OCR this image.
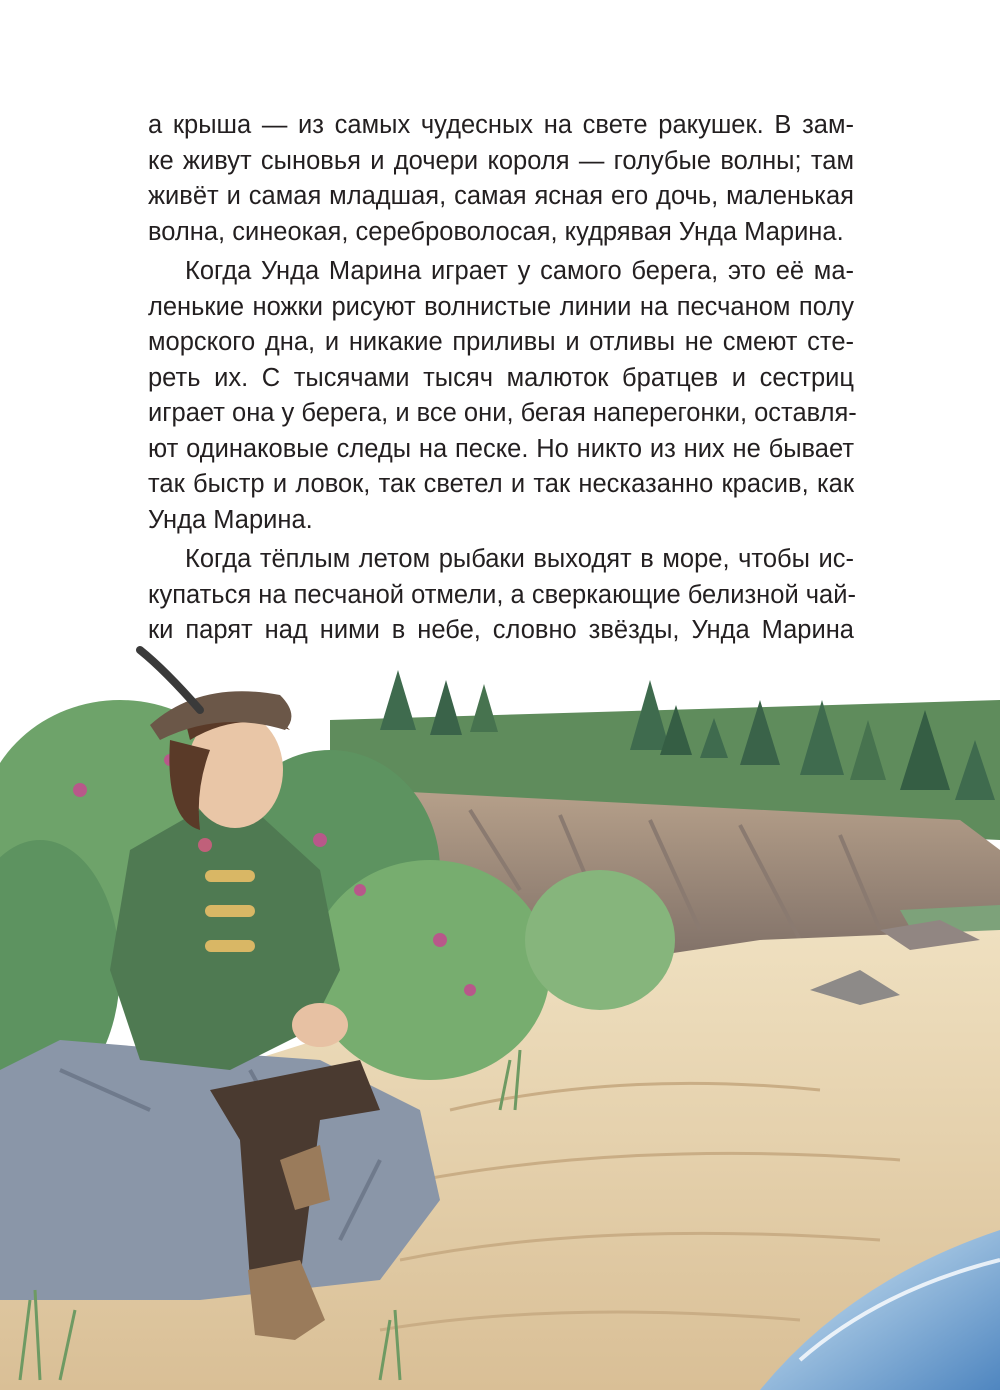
а крыша — из самых чудесных на свете ракушек. В зам-
ке живут сыновья и дочери короля — голубые волны; там
живёт и самая младшая, самая ясная его дочь, маленькая
волна, синеокая, сереброволосая, кудрявая Унда Марина.
Когда Унда Марина играет у самого берега, это её ма-
ленькие ножки рисуют волнистые линии на песчаном полу
морского дна, и никакие приливы и отливы не смеют сте-
реть их. С тысячами тысяч малюток братцев и сестриц
играет она у берега, и все они, бегая наперегонки, оставля-
ют одинаковые следы на песке. Но никто из них не бывает
так быстр и ловок, так светел и так несказанно красив, как
Унда Марина.
Когда тёплым летом рыбаки выходят в море, чтобы ис-
купаться на песчаной отмели, а сверкающие белизной чай-
ки парят над ними в небе, словно звёзды, Унда Марина
